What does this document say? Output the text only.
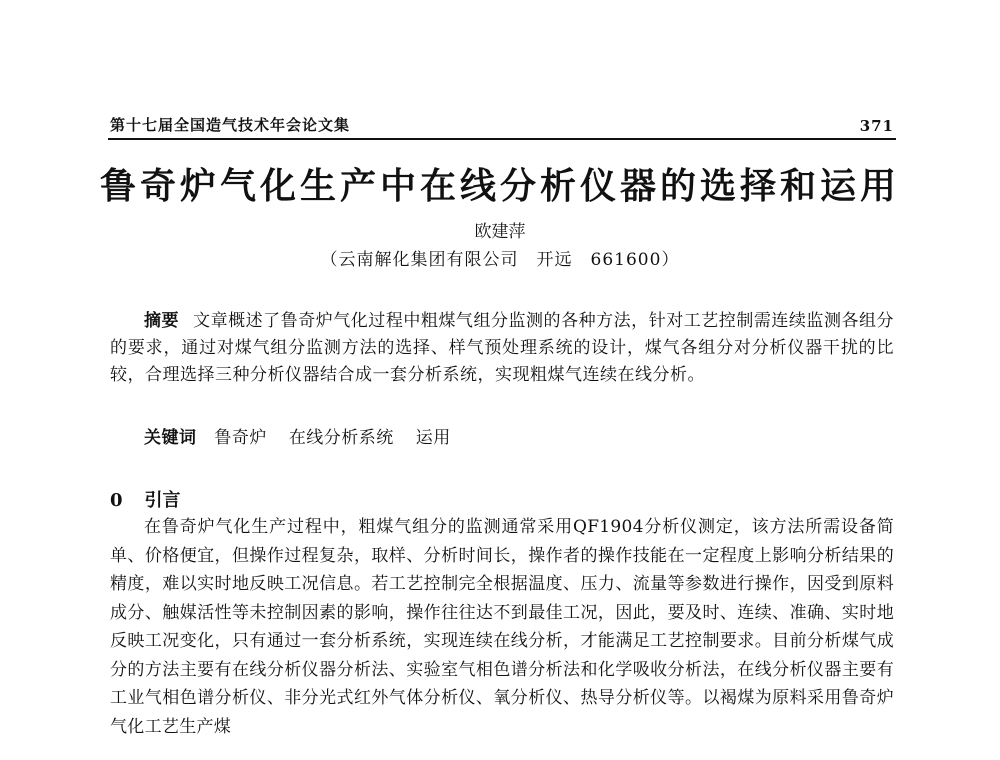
第十七届全国造气技术年会论文集	371
鲁奇炉气化生产中在线分析仪器的选择和运用
欧建萍
（云南解化集团有限公司　开远　661600）
摘要 文章概述了鲁奇炉气化过程中粗煤气组分监测的各种方法，针对工艺控制需连续监测各组分的要求，通过对煤气组分监测方法的选择、样气预处理系统的设计，煤气各组分对分析仪器干扰的比较，合理选择三种分析仪器结合成一套分析系统，实现粗煤气连续在线分析。
关键词 鲁奇炉 在线分析系统 运用
0 引言
在鲁奇炉气化生产过程中，粗煤气组分的监测通常采用QF1904分析仪测定，该方法所需设备简单、价格便宜，但操作过程复杂，取样、分析时间长，操作者的操作技能在一定程度上影响分析结果的精度，难以实时地反映工况信息。若工艺控制完全根据温度、压力、流量等参数进行操作，因受到原料成分、触媒活性等未控制因素的影响，操作往往达不到最佳工况，因此，要及时、连续、准确、实时地反映工况变化，只有通过一套分析系统，实现连续在线分析，才能满足工艺控制要求。目前分析煤气成分的方法主要有在线分析仪器分析法、实验室气相色谱分析法和化学吸收分析法，在线分析仪器主要有工业气相色谱分析仪、非分光式红外气体分析仪、氧分析仪、热导分析仪等。以褐煤为原料采用鲁奇炉气化工艺生产煤
